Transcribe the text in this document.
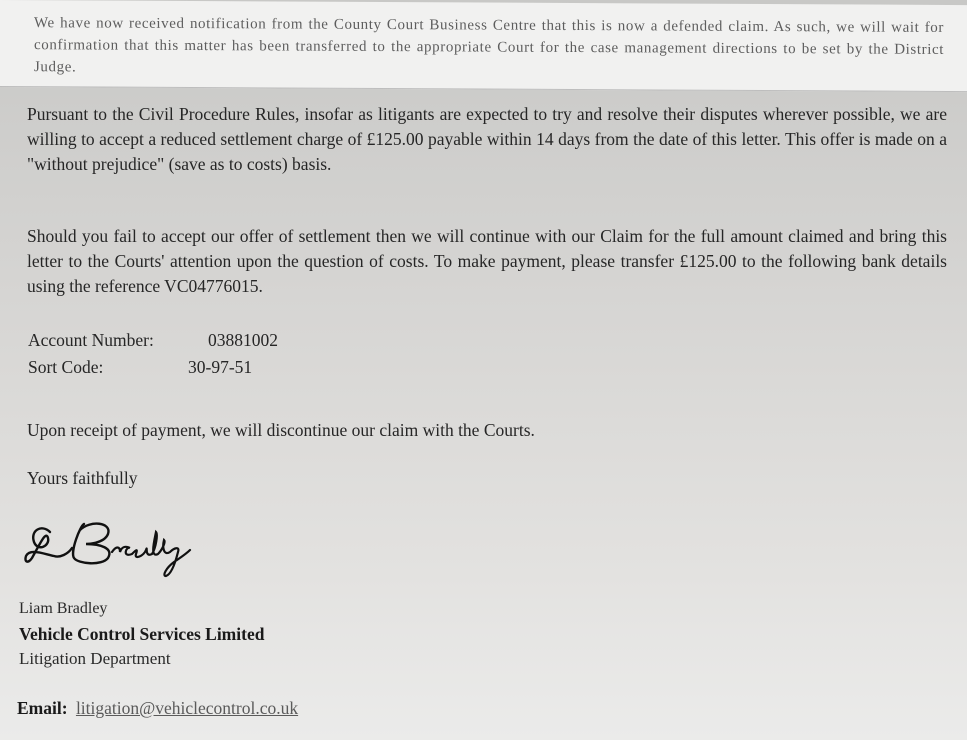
We have now received notification from the County Court Business Centre that this is now a defended claim. As such, we will wait for confirmation that this matter has been transferred to the appropriate Court for the case management directions to be set by the District Judge.
Pursuant to the Civil Procedure Rules, insofar as litigants are expected to try and resolve their disputes wherever possible, we are willing to accept a reduced settlement charge of £125.00 payable within 14 days from the date of this letter. This offer is made on a "without prejudice" (save as to costs) basis.
Should you fail to accept our offer of settlement then we will continue with our Claim for the full amount claimed and bring this letter to the Courts' attention upon the question of costs. To make payment, please transfer £125.00 to the following bank details using the reference VC04776015.
Account Number:	03881002
Sort Code:	30-97-51
Upon receipt of payment, we will discontinue our claim with the Courts.
Yours faithfully
Liam Bradley
Vehicle Control Services Limited
Litigation Department
Email: litigation@vehiclecontrol.co.uk
